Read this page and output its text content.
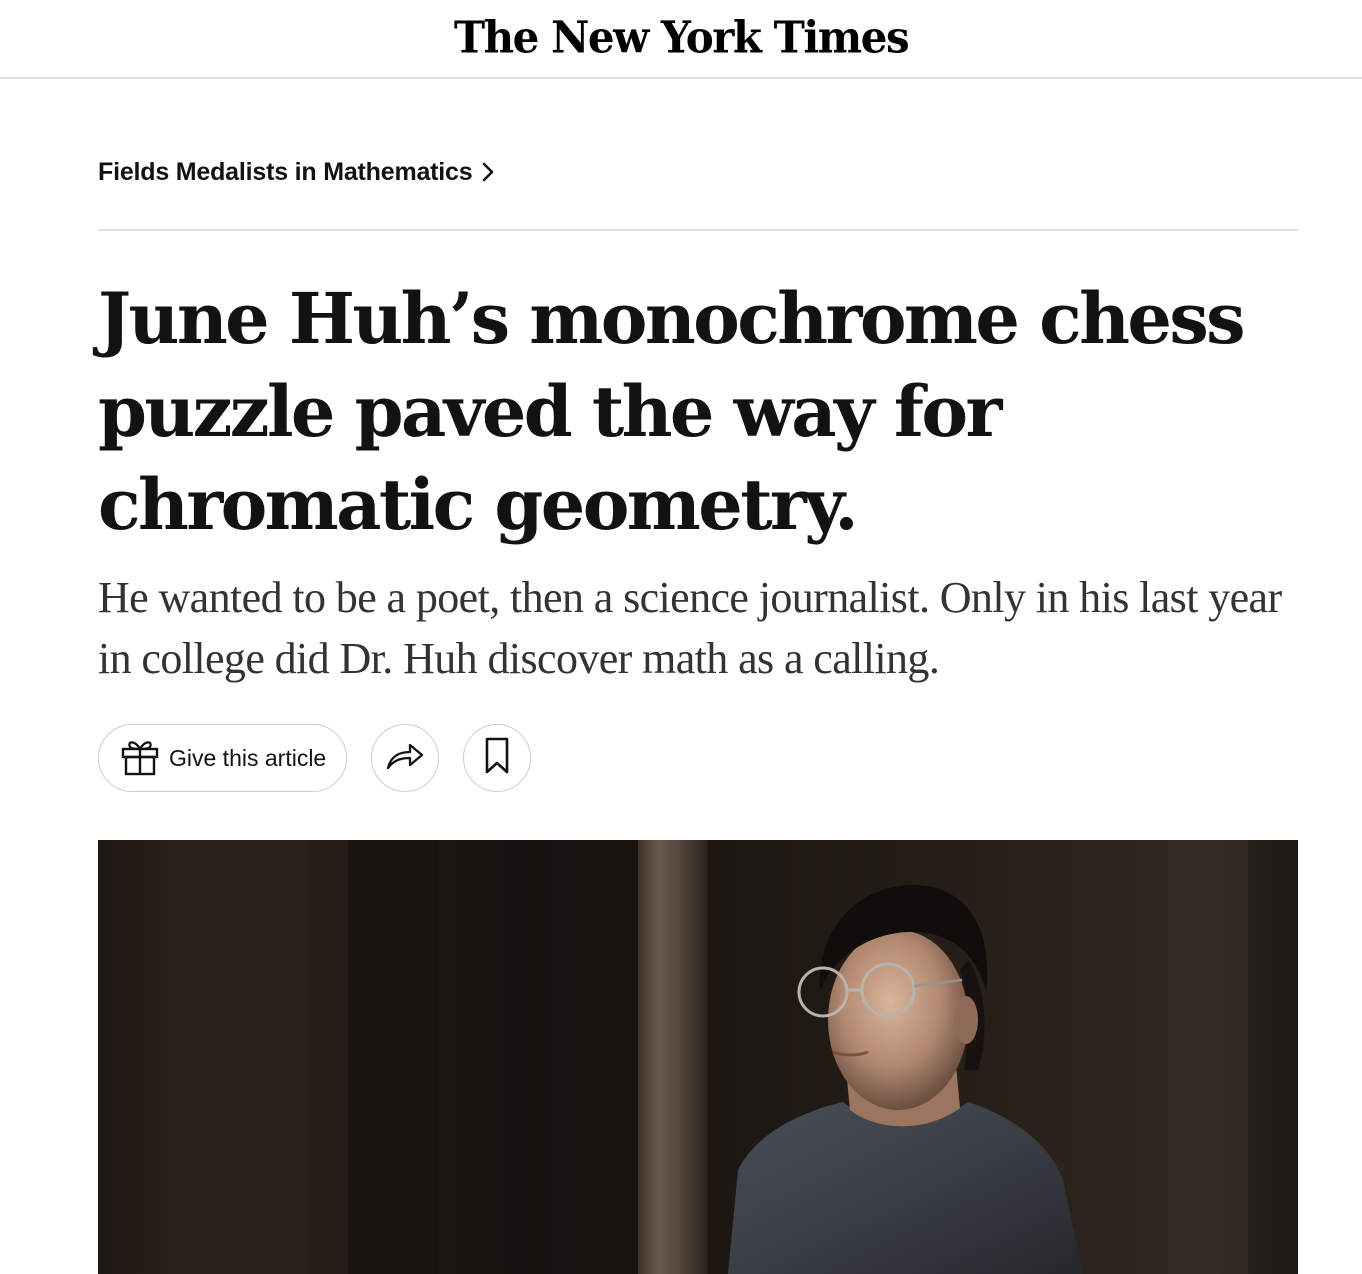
The New York Times
Fields Medalists in Mathematics
June Huh’s monochrome chess puzzle paved the way for chromatic geometry.

He wanted to be a poet, then a science journalist. Only in his last year in college did Dr. Huh discover math as a calling.

Give this article
